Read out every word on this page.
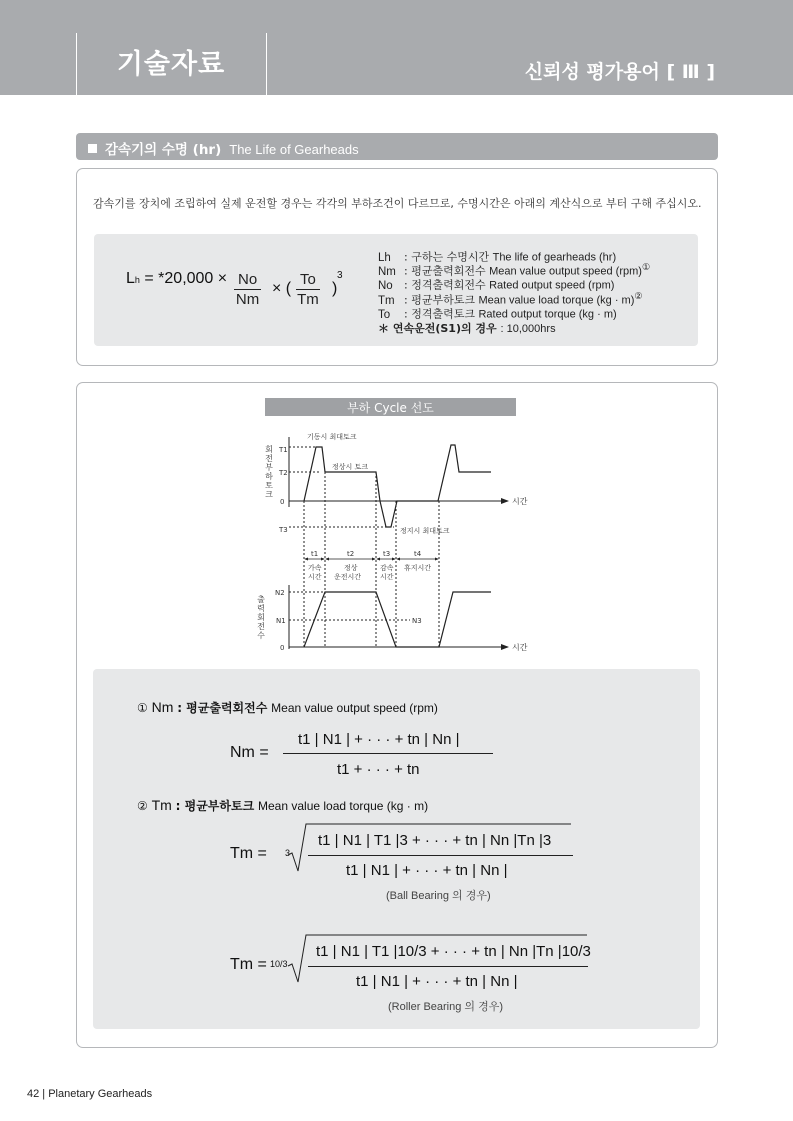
기술자료	신뢰성 평가용어 [ Ⅲ ]
감속기의 수명 (hr) The Life of Gearheads
감속기를 장치에 조립하여 실제 운전할 경우는 각각의 부하조건이 다르므로, 수명시간은 아래의 계산식으로 부터 구해 주십시오.
$Lh = *20,000 \times \frac{No}{Nm}$ × ( $\frac{To}{Tm}$ )
3
Lh : 구하는 수명시간 The life of gearheads (hr)
Nm : 평균출력회전수 Mean value output speed (rpm)①
No : 정격출력회전수 Rated output speed (rpm)
Tm : 평균부하토크 Mean value load torque (kg · m)②
To : 정격출력토크 Rated output torque (kg · m)
＊ 연속운전(S1)의 경우 : 10,000hrs
부하 Cycle 선도
T1
T2
0
T3
시간
회전부하토크
기동시 최대토크
정상시 토크
정지시 최대토크
t1	t2	t3	t4
가속
시간
정상
운전시간
감속
시간
휴지시간
N2
N1
0	시간
출력회전수	N3
① Nm : 평균출력회전수 Mean value output speed (rpm)
Nm =
t1 | N1 | + · · · + tn | Nn |
t1 + · · · + tn
② Tm : 평균부하토크 Mean value load torque (kg · m)
Tm = 3
t1 | N1 | T1 |3 + · · · + tn | Nn |Tn |3
t1 | N1 | + · · · + tn | Nn |
(Ball Bearing 의 경우)
Tm = 10/3
t1 | N1 | T1 |10/3 + · · · + tn | Nn |Tn |10/3
t1 | N1 | + · · · + tn | Nn |
(Roller Bearing 의 경우)
42 | Planetary Gearheads
